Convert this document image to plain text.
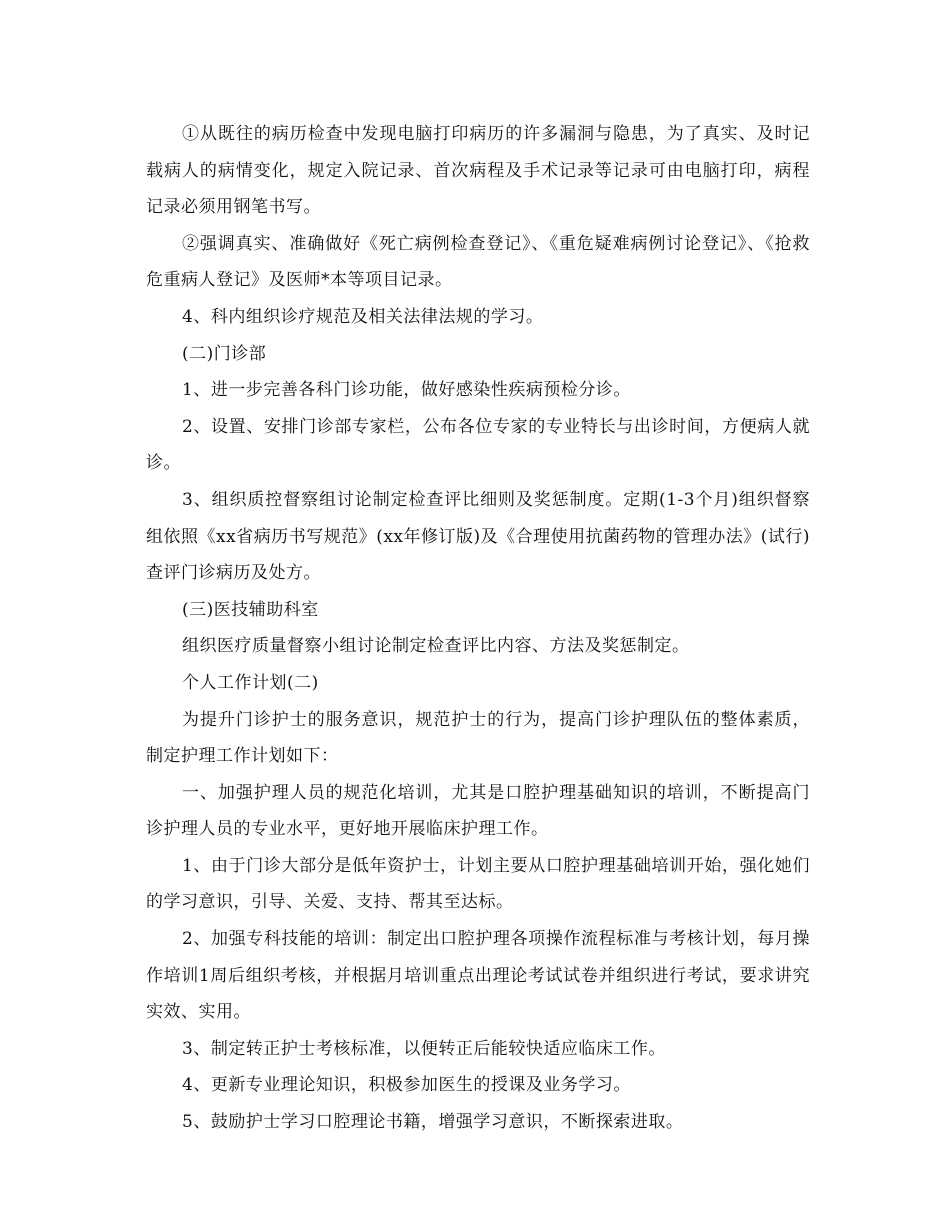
①从既往的病历检查中发现电脑打印病历的许多漏洞与隐患，为了真实、及时记载病人的病情变化，规定入院记录、首次病程及手术记录等记录可由电脑打印，病程记录必须用钢笔书写。

②强调真实、准确做好《死亡病例检查登记》、《重危疑难病例讨论登记》、《抢救危重病人登记》及医师*本等项目记录。

4、科内组织诊疗规范及相关法律法规的学习。

(二)门诊部

1、进一步完善各科门诊功能，做好感染性疾病预检分诊。

2、设置、安排门诊部专家栏，公布各位专家的专业特长与出诊时间，方便病人就诊。

3、组织质控督察组讨论制定检查评比细则及奖惩制度。定期(1-3个月)组织督察组依照《xx省病历书写规范》(xx年修订版)及《合理使用抗菌药物的管理办法》(试行)查评门诊病历及处方。

(三)医技辅助科室

组织医疗质量督察小组讨论制定检查评比内容、方法及奖惩制定。

个人工作计划(二)

为提升门诊护士的服务意识，规范护士的行为，提高门诊护理队伍的整体素质，制定护理工作计划如下：

一、加强护理人员的规范化培训，尤其是口腔护理基础知识的培训，不断提高门诊护理人员的专业水平，更好地开展临床护理工作。

1、由于门诊大部分是低年资护士，计划主要从口腔护理基础培训开始，强化她们的学习意识，引导、关爱、支持、帮其至达标。

2、加强专科技能的培训：制定出口腔护理各项操作流程标准与考核计划，每月操作培训1周后组织考核，并根据月培训重点出理论考试试卷并组织进行考试，要求讲究实效、实用。

3、制定转正护士考核标准，以便转正后能较快适应临床工作。

4、更新专业理论知识，积极参加医生的授课及业务学习。

5、鼓励护士学习口腔理论书籍，增强学习意识，不断探索进取。
